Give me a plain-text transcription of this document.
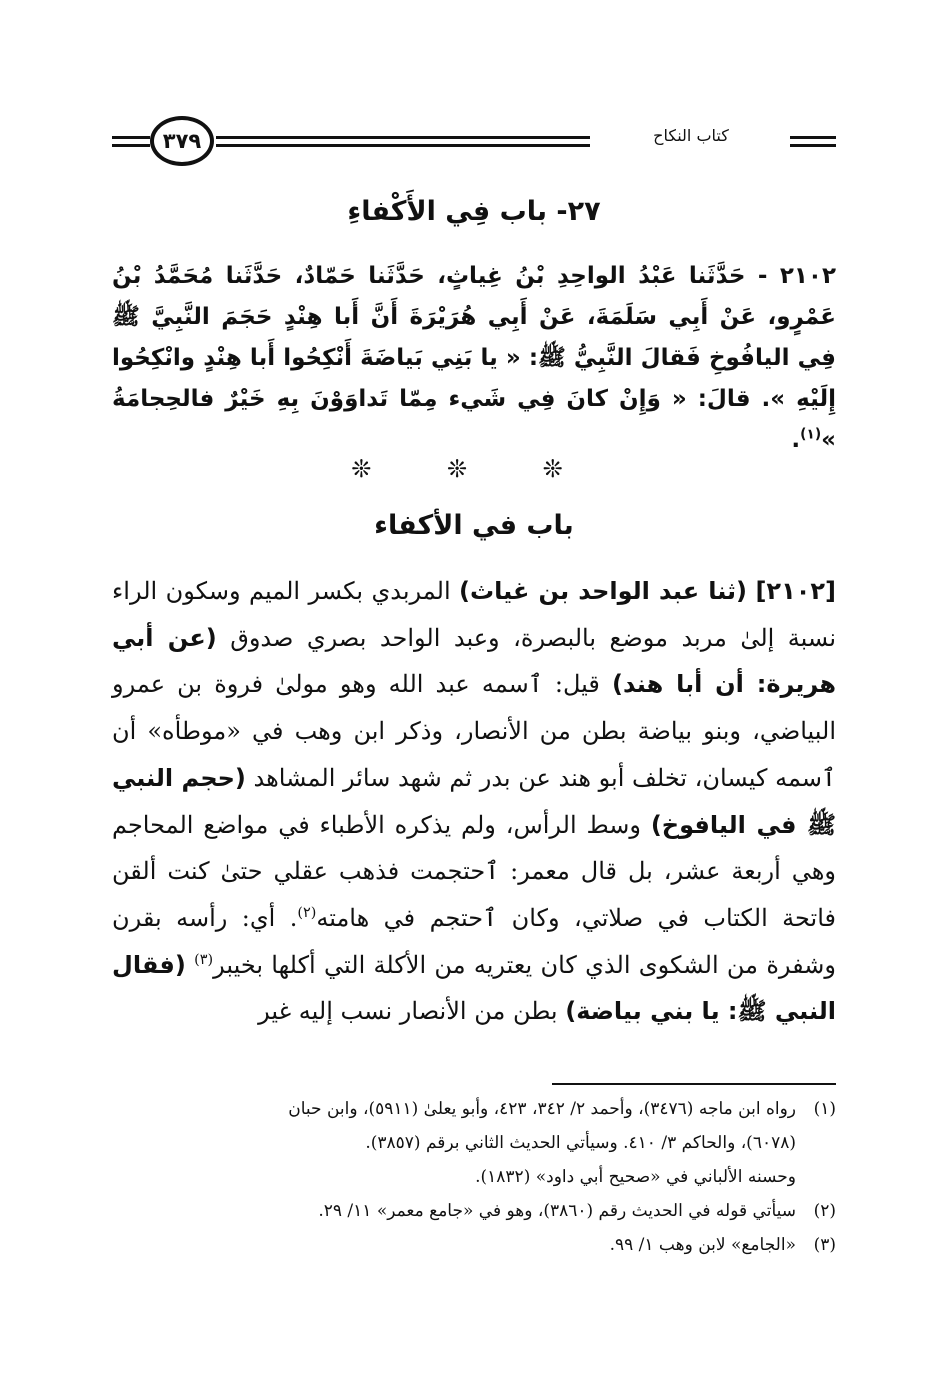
٣٧٩	كتاب النكاح
٢٧- باب فِي الأَكْفاءِ
٢١٠٢ - حَدَّثَنا عَبْدُ الواحِدِ بْنُ غِياثٍ، حَدَّثَنا حَمّادٌ، حَدَّثَنا مُحَمَّدُ بْنُ عَمْرٍو، عَنْ أَبِي سَلَمَةَ، عَنْ أَبِي هُرَيْرَةَ أَنَّ أَبا هِنْدٍ حَجَمَ النَّبِيَّ ﷺ فِي اليافُوخِ فَقالَ النَّبِيُّ ﷺ: « يا بَنِي بَياضَةَ أَنْكِحُوا أَبا هِنْدٍ وانْكِحُوا إِلَيْهِ ». قالَ: « وَإِنْ كانَ فِي شَيء مِمّا تَداوَوْنَ بِهِ خَيْرٌ فالحِجامَةُ »$^{(١)}$.
❊ ❊ ❊
باب في الأكفاء
[٢١٠٢] (ثنا عبد الواحد بن غياث) المربدي بكسر الميم وسكون الراء نسبة إلىٰ مربد موضع بالبصرة، وعبد الواحد بصري صدوق (عن أبي هريرة: أن أبا هند) قيل: ٱسمه عبد الله وهو مولىٰ فروة بن عمرو البياضي، وبنو بياضة بطن من الأنصار، وذكر ابن وهب في «موطأه» أن ٱسمه كيسان، تخلف أبو هند عن بدر ثم شهد سائر المشاهد (حجم النبي ﷺ في اليافوخ) وسط الرأس، ولم يذكره الأطباء في مواضع المحاجم وهي أربعة عشر، بل قال معمر: ٱحتجمت فذهب عقلي حتىٰ كنت ألقن فاتحة الكتاب في صلاتي، وكان ٱحتجم في هامته$^{(٢)}$. أي: رأسه بقرن وشفرة من الشكوى الذي كان يعتريه من الأكلة التي أكلها بخيبر$^{(٣)}$ (فقال النبي ﷺ: يا بني بياضة) بطن من الأنصار نسب إليه غير
(١)
رواه ابن ماجه (٣٤٧٦)، وأحمد ٢/ ٣٤٢، ٤٢٣، وأبو يعلىٰ (٥٩١١)، وابن حبان
(٦٠٧٨)، والحاكم ٣/ ٤١٠. وسيأتي الحديث الثاني برقم (٣٨٥٧).
وحسنه الألباني في «صحيح أبي داود» (١٨٣٢).
(٢)
سيأتي قوله في الحديث رقم (٣٨٦٠)، وهو في «جامع معمر» ١١/ ٢٩.
(٣)
«الجامع» لابن وهب ١/ ٩٩.
